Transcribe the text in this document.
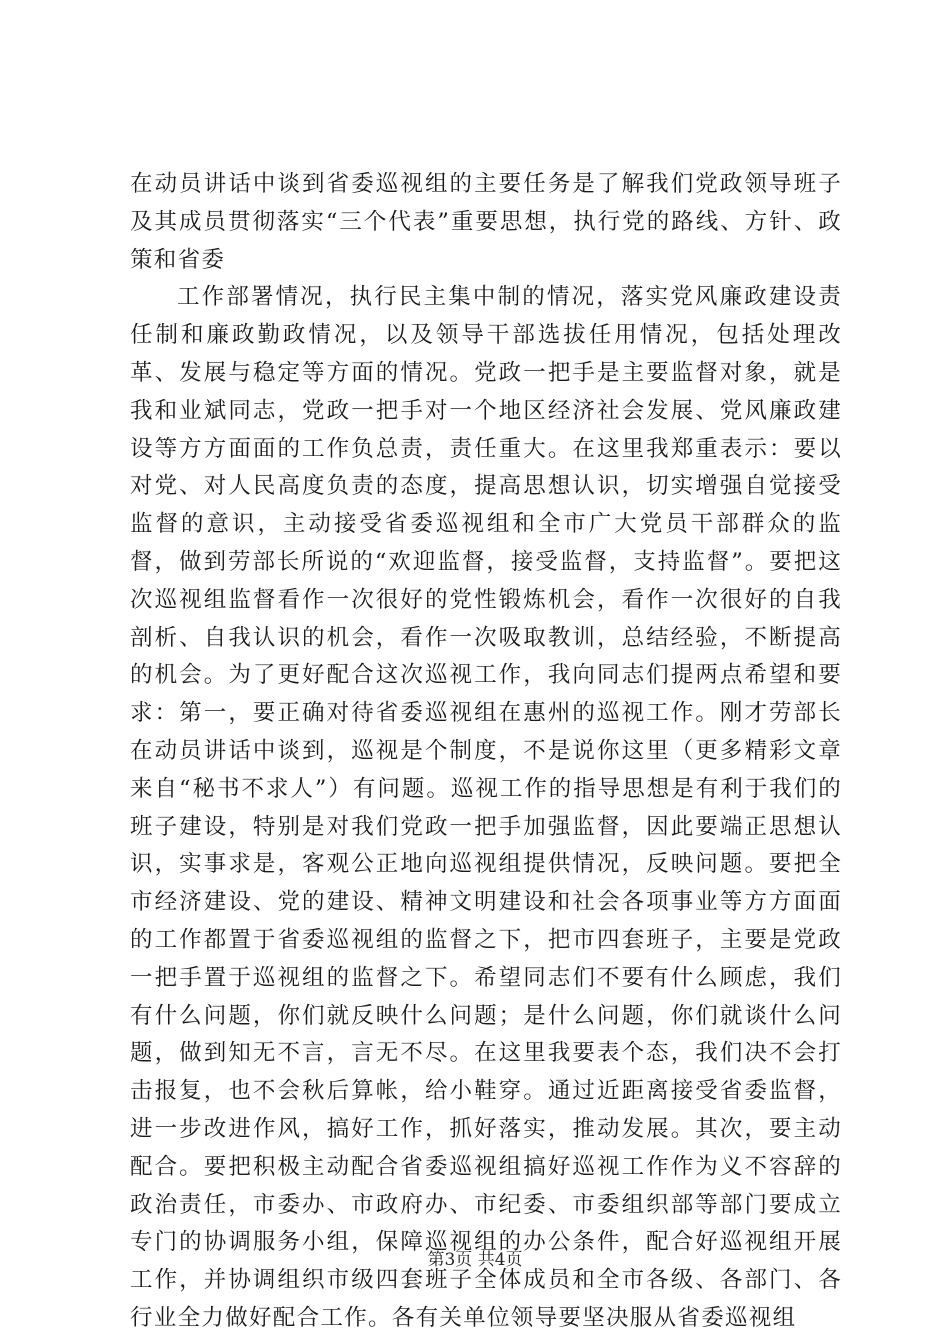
在动员讲话中谈到省委巡视组的主要任务是了解我们党政领导班子及其成员贯彻落实“三个代表”重要思想，执行党的路线、方针、政策和省委

工作部署情况，执行民主集中制的情况，落实党风廉政建设责任制和廉政勤政情况，以及领导干部选拔任用情况，包括处理改革、发展与稳定等方面的情况。党政一把手是主要监督对象，就是我和业斌同志，党政一把手对一个地区经济社会发展、党风廉政建设等方方面面的工作负总责，责任重大。在这里我郑重表示：要以对党、对人民高度负责的态度，提高思想认识，切实增强自觉接受监督的意识，主动接受省委巡视组和全市广大党员干部群众的监督，做到劳部长所说的“欢迎监督，接受监督，支持监督”。要把这次巡视组监督看作一次很好的党性锻炼机会，看作一次很好的自我剖析、自我认识的机会，看作一次吸取教训，总结经验，不断提高的机会。为了更好配合这次巡视工作，我向同志们提两点希望和要求：第一，要正确对待省委巡视组在惠州的巡视工作。刚才劳部长在动员讲话中谈到，巡视是个制度，不是说你这里（更多精彩文章来自“秘书不求人”）有问题。巡视工作的指导思想是有利于我们的班子建设，特别是对我们党政一把手加强监督，因此要端正思想认识，实事求是，客观公正地向巡视组提供情况，反映问题。要把全市经济建设、党的建设、精神文明建设和社会各项事业等方方面面的工作都置于省委巡视组的监督之下，把市四套班子，主要是党政一把手置于巡视组的监督之下。希望同志们不要有什么顾虑，我们有什么问题，你们就反映什么问题；是什么问题，你们就谈什么问题，做到知无不言，言无不尽。在这里我要表个态，我们决不会打击报复，也不会秋后算帐，给小鞋穿。通过近距离接受省委监督，进一步改进作风，搞好工作，抓好落实，推动发展。其次，要主动配合。要把积极主动配合省委巡视组搞好巡视工作作为义不容辞的政治责任，市委办、市政府办、市纪委、市委组织部等部门要成立专门的协调服务小组，保障巡视组的办公条件，配合好巡视组开展工作，并协调组织市级四套班子全体成员和全市各级、各部门、各行业全力做好配合工作。各有关单位领导要坚决服从省委巡视组

第3页 共4页
